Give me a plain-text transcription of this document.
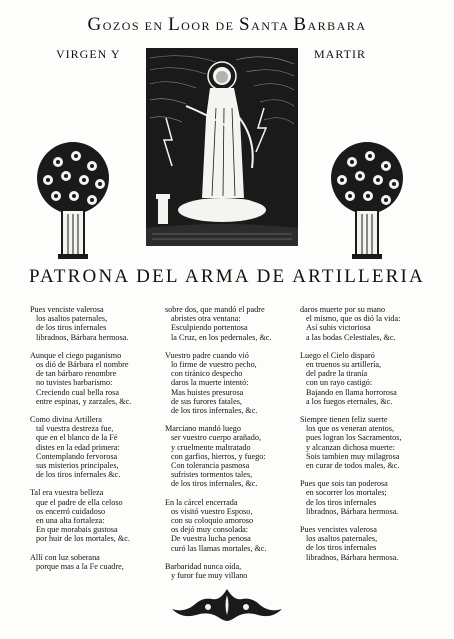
GOZOS EN LOOR DE SANTA BARBARA
VIRGEN Y	MARTIR
PATRONA DEL ARMA DE ARTILLERIA
Pues venciste valerosa
los asaltos paternales,
de los tiros infernales
libradnos, Bárbara hermosa.
Aunque el ciego paganismo
os dió de Bárbara el nombre
de tan bárbaro renombre
no tuvistes barbarismo:
Creciendo cual bella rosa
entre espinas, y zarzales, &c.
Como divina Artillera
tal vuestra destreza fue,
que en el blanco de la Fé
distes en la edad primera:
Contemplando fervorosa
sus misterios principales,
de los tiros infernales &c.
Tal era vuestra belleza
que el padre de ella celoso
os encerró cuidadoso
en una alta fortaleza:
En que morabais gustosa
por huir de los mortales, &c.
Allí con luz soberana
porque mas a la Fe cuadre,
sobre dos, que mandó el padre
abristes otra ventana:
Esculpiendo portentosa
la Cruz, en los pedernales, &c.
Vuestro padre cuando vió
lo firme de vuestro pecho,
con tiránico despecho
daros la muerte intentó:
Mas huistes presurosa
de sus furores fatales,
de los tiros infernales, &c.
Marciano mandó luego
ser vuestro cuerpo arañado,
y cruelmente maltratado
con garfios, hierros, y fuego:
Con tolerancia pasmosa
sufristes tormentos tales,
de los tiros infernales, &c.
En la cárcel encerrada
os visitó vuestro Esposo,
con su coloquio amoroso
os dejó muy consolada:
De vuestra lucha penosa
curó las llamas mortales, &c.
Barbaridad nunca oída,
y furor fue muy villano
daros muerte por su mano
el mismo, que os dió la vida:
Así subis victoriosa
a las bodas Celestiales, &c.
Luego el Cielo disparó
en truenos su artillería,
del padre la tiranía
con un rayo castigó:
Bajando en llama horrorosa
a los fuegos eternales, &c.
Siempre tienen feliz suerte
los que os veneran atentos,
pues logran los Sacramentos,
y alcanzan dichosa muerte:
Sois tambien muy milagrosa
en curar de todos males, &c.
Pues que sois tan poderosa
en socorrer los mortales;
de los tiros infernales
libradnos, Bárbara hermosa.
Pues vencistes valerosa
los asaltos paternales,
de los tiros infernales
libradnos, Bárbara hermosa.
